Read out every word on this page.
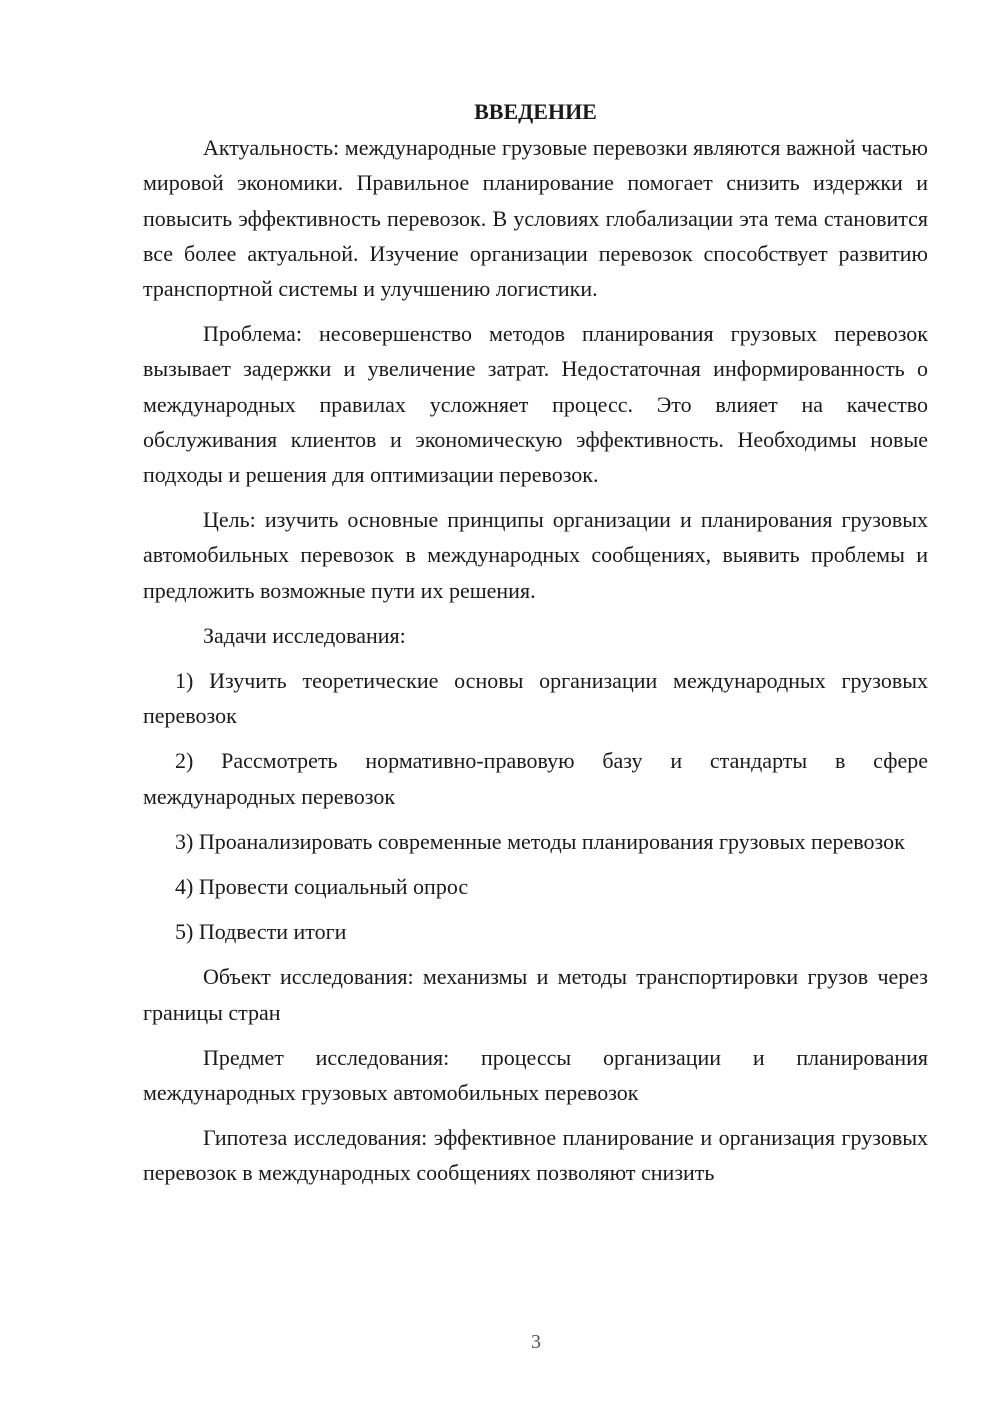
ВВЕДЕНИЕ

Актуальность: международные грузовые перевозки являются важной частью мировой экономики. Правильное планирование помогает снизить издержки и повысить эффективность перевозок. В условиях глобализации эта тема становится все более актуальной. Изучение организации перевозок способствует развитию транспортной системы и улучшению логистики.

Проблема: несовершенство методов планирования грузовых перевозок вызывает задержки и увеличение затрат. Недостаточная информированность о международных правилах усложняет процесс. Это влияет на качество обслуживания клиентов и экономическую эффективность. Необходимы новые подходы и решения для оптимизации перевозок.

Цель: изучить основные принципы организации и планирования грузовых автомобильных перевозок в международных сообщениях, выявить проблемы и предложить возможные пути их решения.

Задачи исследования:

1) Изучить теоретические основы организации международных грузовых перевозок

2) Рассмотреть нормативно-правовую базу и стандарты в сфере международных перевозок

3) Проанализировать современные методы планирования грузовых перевозок

4) Провести социальный опрос

5) Подвести итоги

Объект исследования: механизмы и методы транспортировки грузов через границы стран

Предмет исследования: процессы организации и планирования международных грузовых автомобильных перевозок

Гипотеза исследования: эффективное планирование и организация грузовых перевозок в международных сообщениях позволяют снизить

3
